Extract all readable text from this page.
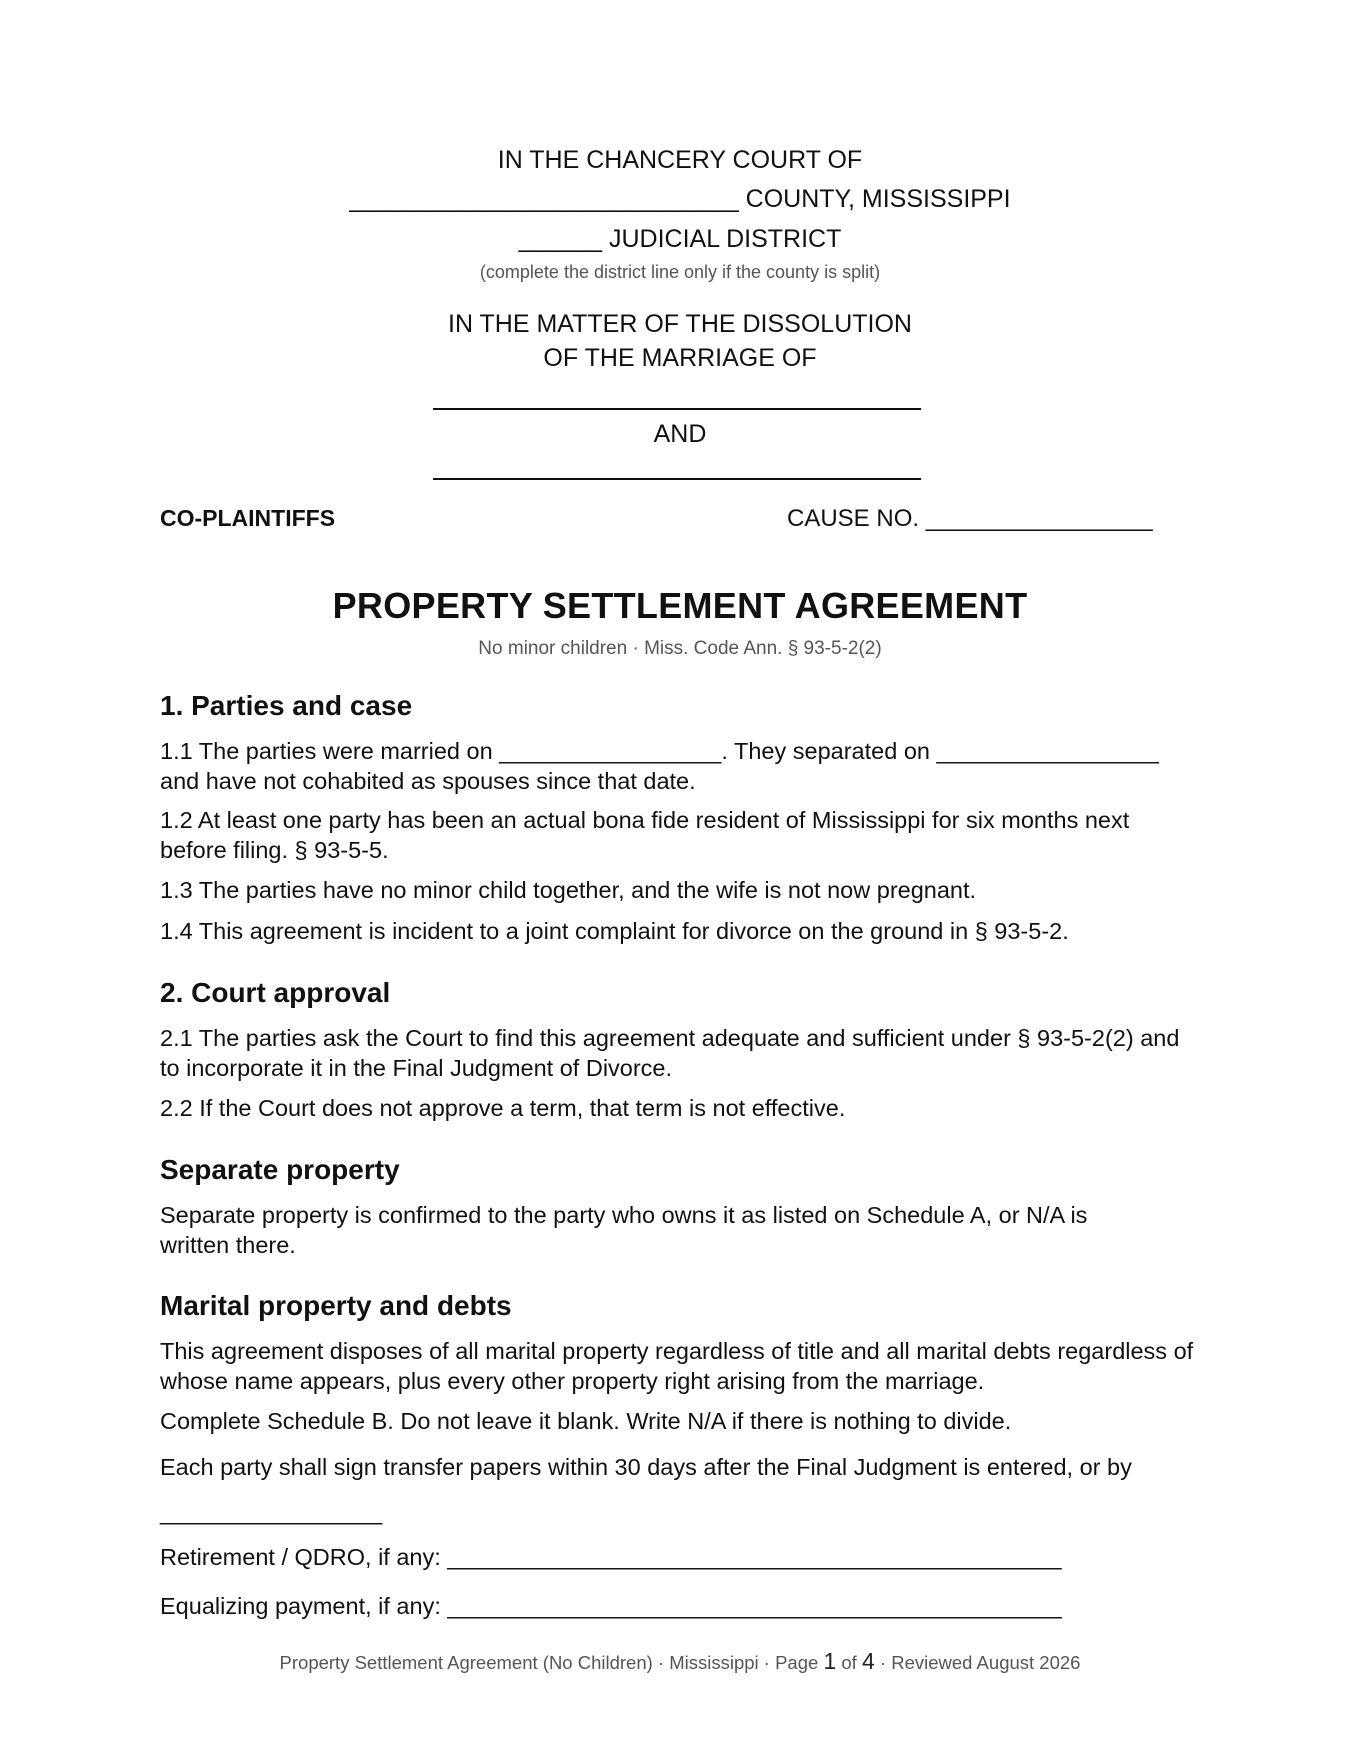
IN THE CHANCERY COURT OF
____________________________ COUNTY, MISSISSIPPI
______ JUDICIAL DISTRICT
(complete the district line only if the county is split)
IN THE MATTER OF THE DISSOLUTION
OF THE MARRIAGE OF
AND
CO-PLAINTIFFS	CAUSE NO. _________________
PROPERTY SETTLEMENT AGREEMENT
No minor children · Miss. Code Ann. § 93-5-2(2)
1. Parties and case
1.1 The parties were married on _________________. They separated on _________________ and have not cohabited as spouses since that date.
1.2 At least one party has been an actual bona fide resident of Mississippi for six months next before filing. § 93-5-5.
1.3 The parties have no minor child together, and the wife is not now pregnant.
1.4 This agreement is incident to a joint complaint for divorce on the ground in § 93-5-2.
2. Court approval
2.1 The parties ask the Court to find this agreement adequate and sufficient under § 93-5-2(2) and to incorporate it in the Final Judgment of Divorce.
2.2 If the Court does not approve a term, that term is not effective.
Separate property
Separate property is confirmed to the party who owns it as listed on Schedule A, or N/A is written there.
Marital property and debts
This agreement disposes of all marital property regardless of title and all marital debts regardless of whose name appears, plus every other property right arising from the marriage.
Complete Schedule B. Do not leave it blank. Write N/A if there is nothing to divide.
Each party shall sign transfer papers within 30 days after the Final Judgment is entered, or by
_________________
Retirement / QDRO, if any: _______________________________________________
Equalizing payment, if any: _______________________________________________
Property Settlement Agreement (No Children) · Mississippi · Page 1 of 4 · Reviewed August 2026
